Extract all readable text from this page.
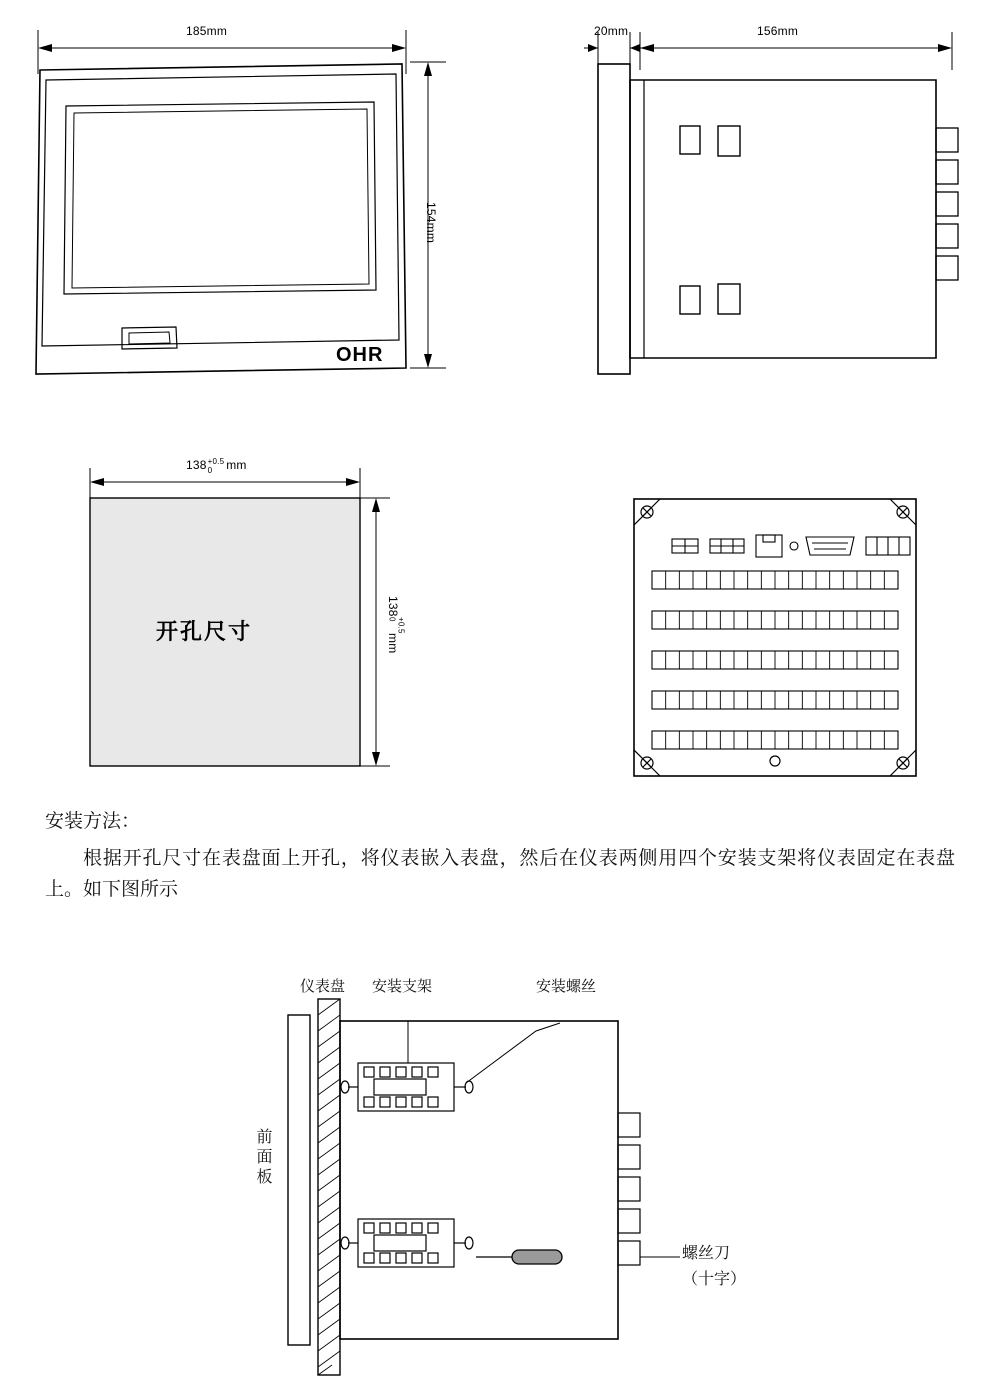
185mm
154mm
OHR
20mm	156mm
138 +0.5
0	mm
138
+0.5
0
mm
开孔尺寸
安装方法：
根据开孔尺寸在表盘面上开孔，将仪表嵌入表盘，然后在仪表两侧用四个安装支架将仪表固定在表盘上。如下图所示
仪表盘 安装支架	安装螺丝
前面板
螺丝刀
（十字）
